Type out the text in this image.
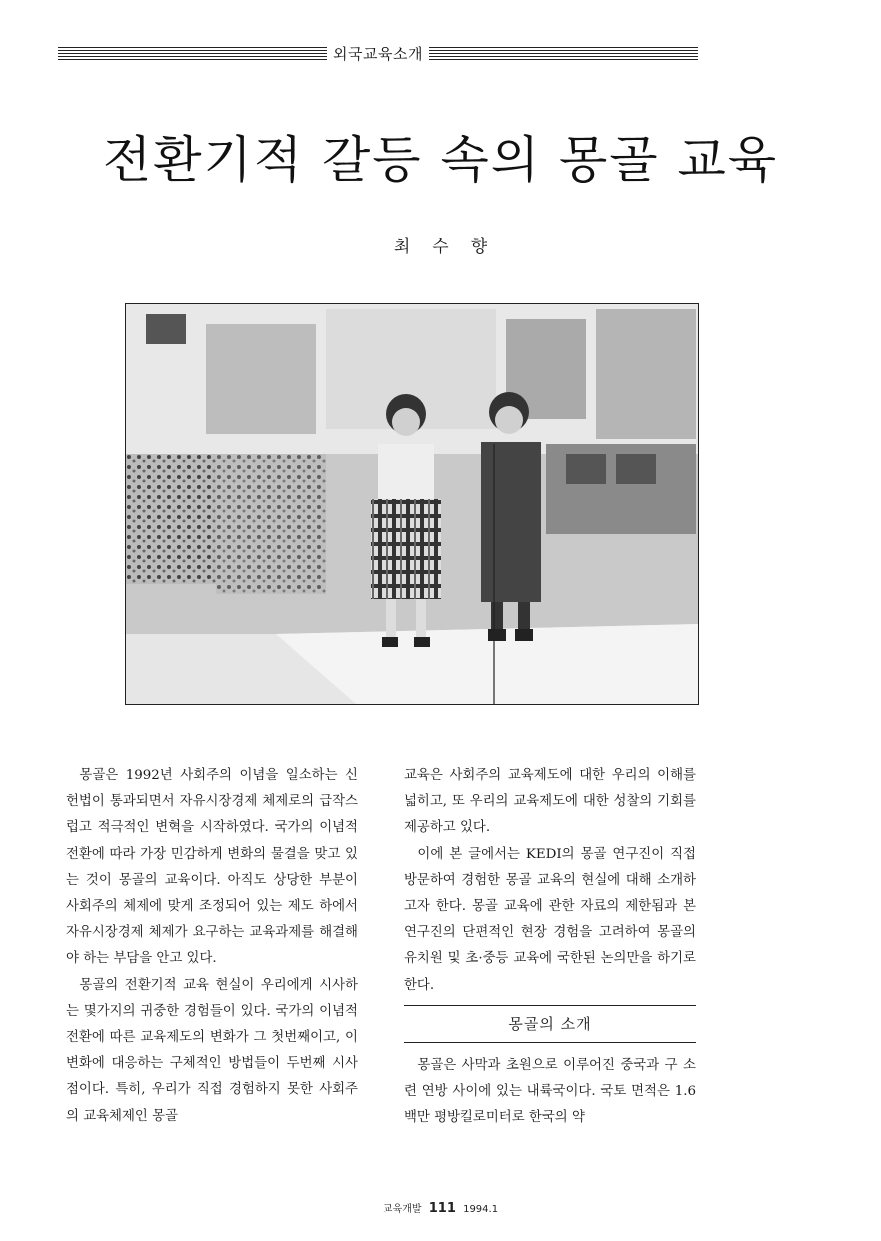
외국교육소개
전환기적 갈등 속의 몽골 교육
최수향

몽골은 1992년 사회주의 이념을 일소하는 신 헌법이 통과되면서 자유시장경제 체제로의 급작스럽고 적극적인 변혁을 시작하였다. 국가의 이념적 전환에 따라 가장 민감하게 변화의 물결을 맞고 있는 것이 몽골의 교육이다. 아직도 상당한 부분이 사회주의 체제에 맞게 조정되어 있는 제도 하에서 자유시장경제 체제가 요구하는 교육과제를 해결해야 하는 부담을 안고 있다.

몽골의 전환기적 교육 현실이 우리에게 시사하는 몇가지의 귀중한 경험들이 있다. 국가의 이념적 전환에 따른 교육제도의 변화가 그 첫번째이고, 이 변화에 대응하는 구체적인 방법들이 두번째 시사점이다. 특히, 우리가 직접 경험하지 못한 사회주의 교육체제인 몽골

교육은 사회주의 교육제도에 대한 우리의 이해를 넓히고, 또 우리의 교육제도에 대한 성찰의 기회를 제공하고 있다.

이에 본 글에서는 KEDI의 몽골 연구진이 직접 방문하여 경험한 몽골 교육의 현실에 대해 소개하고자 한다. 몽골 교육에 관한 자료의 제한됨과 본 연구진의 단편적인 현장 경험을 고려하여 몽골의 유치원 및 초·중등 교육에 국한된 논의만을 하기로 한다.

몽골의 소개

몽골은 사막과 초원으로 이루어진 중국과 구 소련 연방 사이에 있는 내륙국이다. 국토 면적은 1.6 백만 평방킬로미터로 한국의 약

교육개발 111 1994.1
